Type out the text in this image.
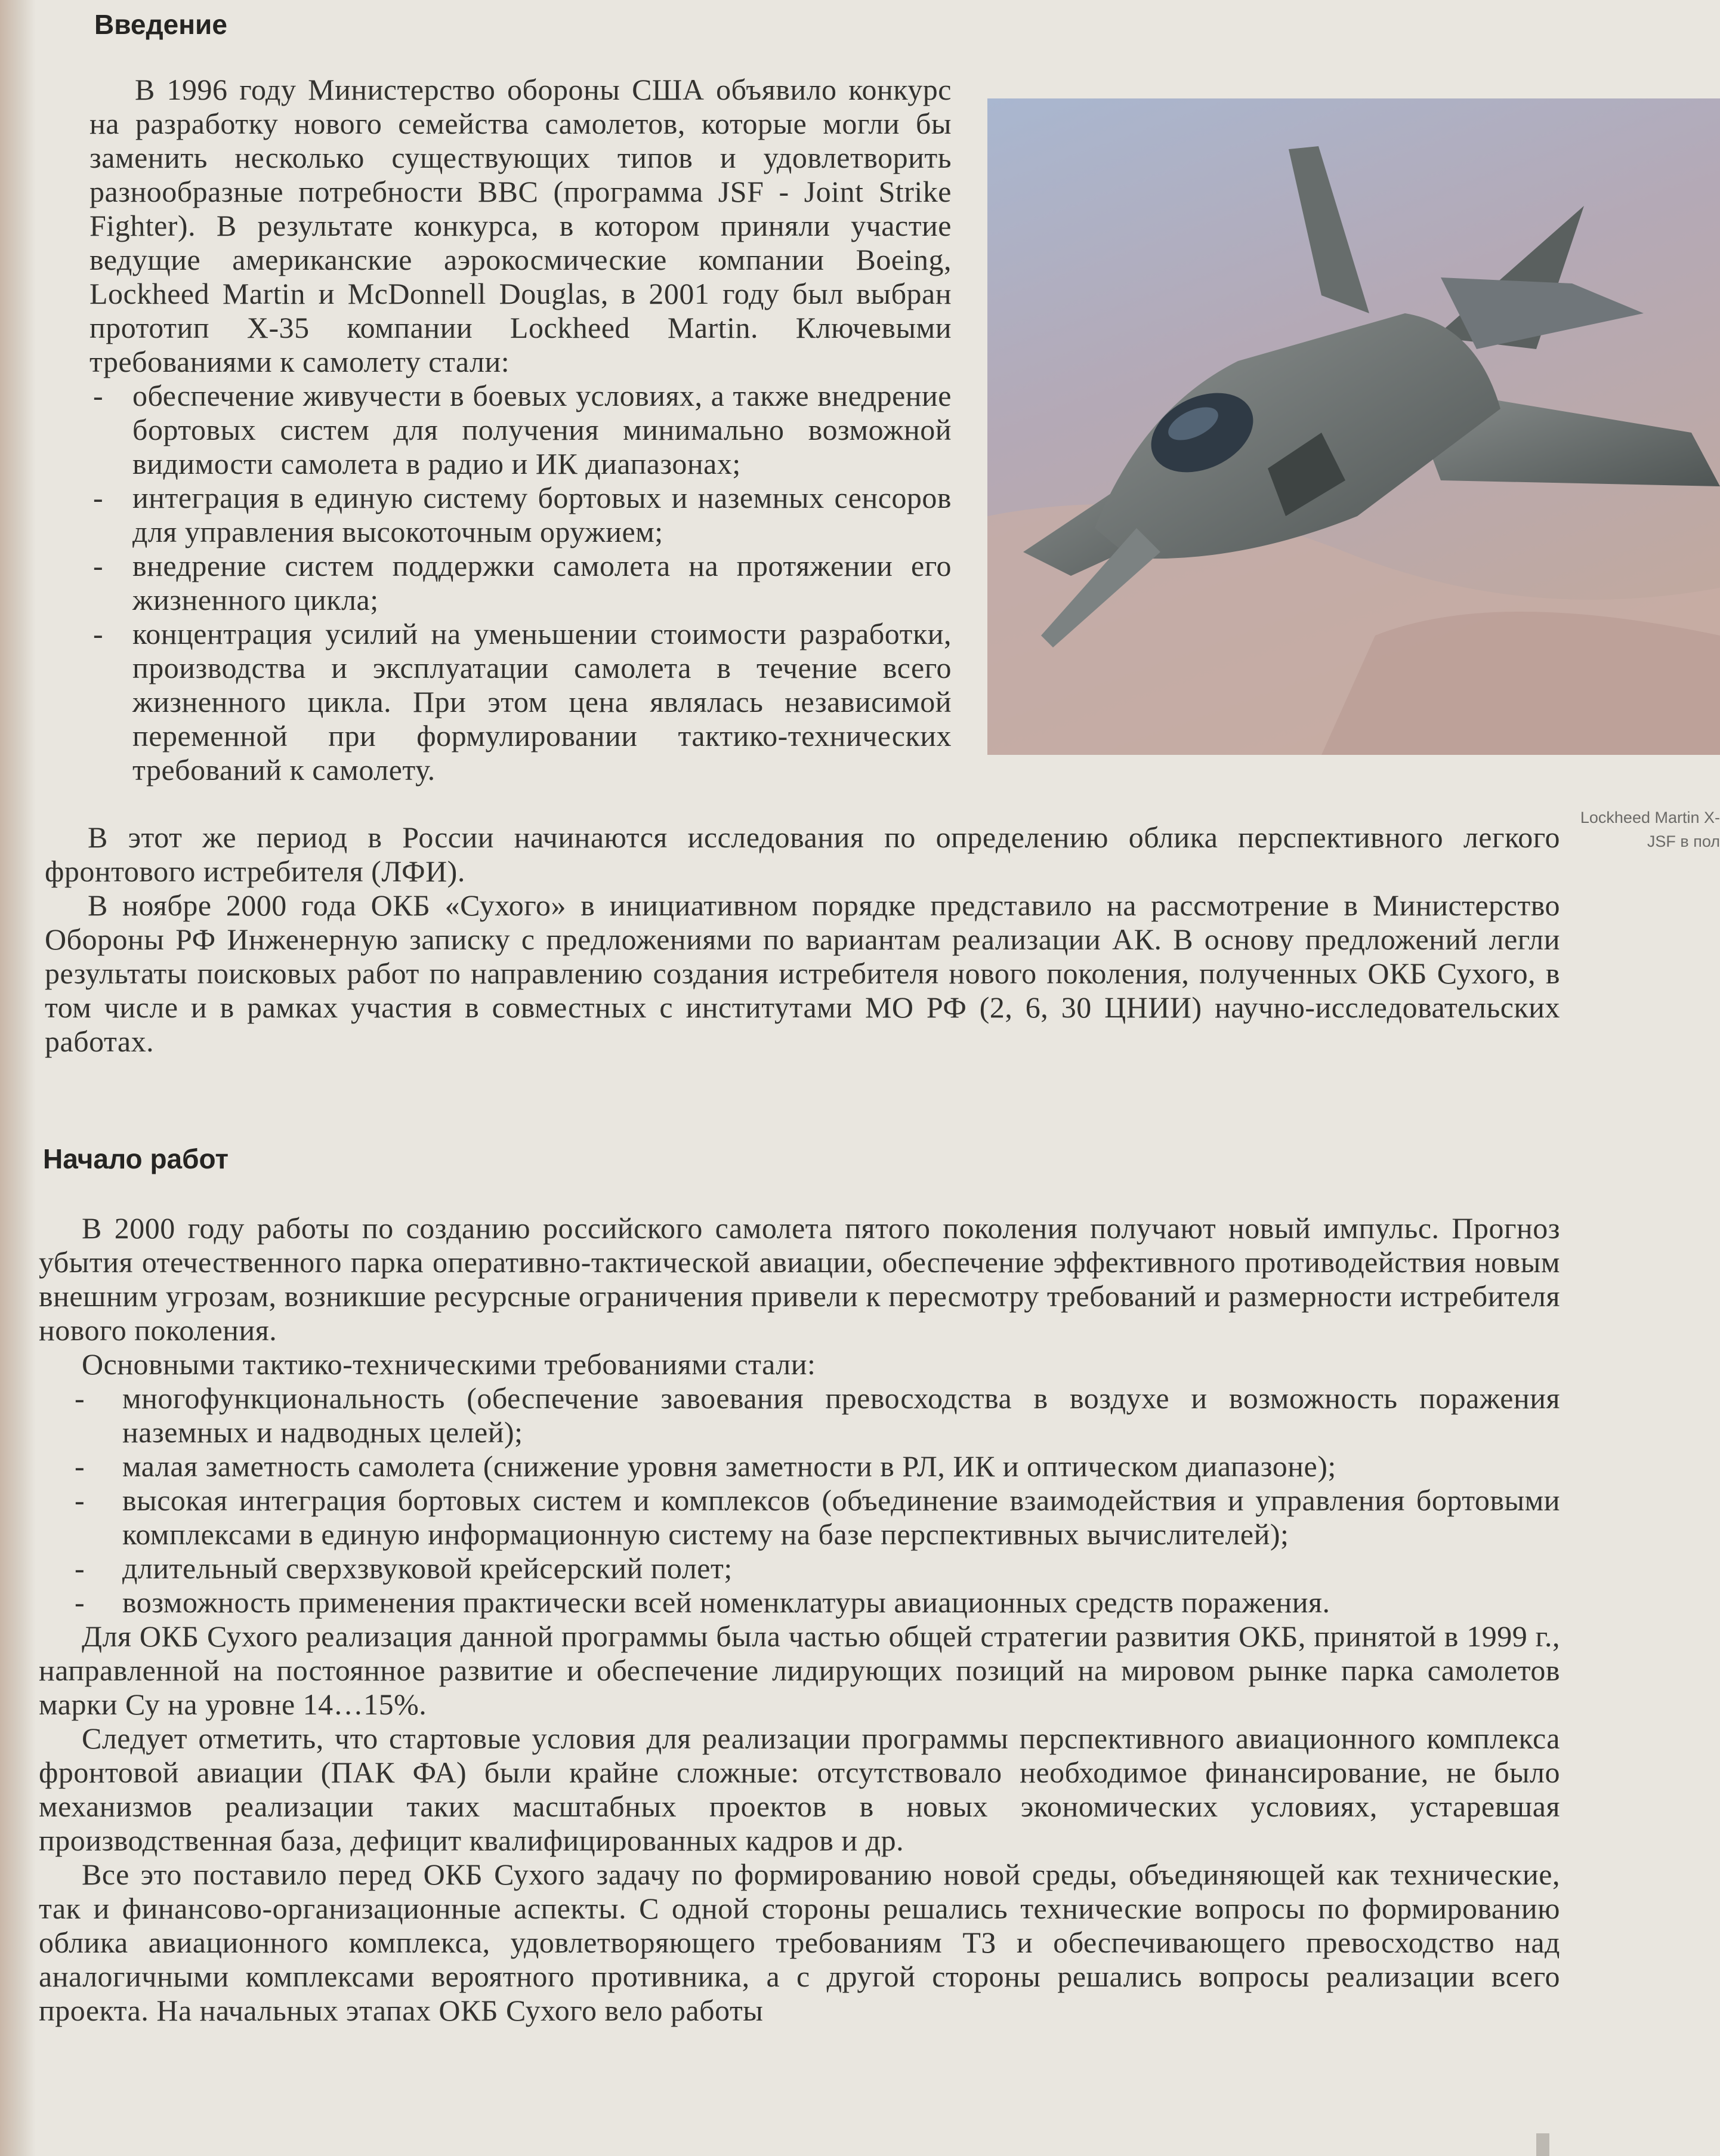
Введение

В 1996 году Министерство обороны США объявило конкурс на разработку нового семейства самолетов, которые могли бы заменить несколько существующих типов и удовлетворить разнообразные потребности ВВС (программа JSF - Joint Strike Fighter). В результате конкурса, в котором приняли участие ведущие американские аэрокосмические компании Boeing, Lockheed Martin и McDonnell Douglas, в 2001 году был выбран прототип Х-35 компании Lockheed Martin. Ключевыми требованиями к самолету стали:

- обеспечение живучести в боевых условиях, а также внедрение бортовых систем для получения минимально возможной видимости самолета в радио и ИК диапазонах;
- интеграция в единую систему бортовых и наземных сенсоров для управления высокоточным оружием;
- внедрение систем поддержки самолета на протяжении его жизненного цикла;
- концентрация усилий на уменьшении стоимости разработки, производства и эксплуатации самолета в течение всего жизненного цикла. При этом цена являлась независимой переменной при формулировании тактико-технических требований к самолету.

В этот же период в России начинаются исследования по определению облика перспективного легкого фронтового истребителя (ЛФИ).

В ноябре 2000 года ОКБ «Сухого» в инициативном порядке представило на рассмотрение в Министерство Обороны РФ Инженерную записку с предложениями по вариантам реализации АК. В основу предложений легли результаты поисковых работ по направлению создания истребителя нового поколения, полученных ОКБ Сухого, в том числе и в рамках участия в совместных с институтами МО РФ (2, 6, 30 ЦНИИ) научно-исследовательских работах.

Lockheed Martin X-
JSF в пол
Начало работ

В 2000 году работы по созданию российского самолета пятого поколения получают новый импульс. Прогноз убытия отечественного парка оперативно-тактической авиации, обеспечение эффективного противодействия новым внешним угрозам, возникшие ресурсные ограничения привели к пересмотру требований и размерности истребителя нового поколения.

Основными тактико-техническими требованиями стали:

- многофункциональность (обеспечение завоевания превосходства в воздухе и возможность поражения наземных и надводных целей);
- малая заметность самолета (снижение уровня заметности в РЛ, ИК и оптическом диапазоне);
- высокая интеграция бортовых систем и комплексов (объединение взаимодействия и управления бортовыми комплексами в единую информационную систему на базе перспективных вычислителей);
- длительный сверхзвуковой крейсерский полет;
- возможность применения практически всей номенклатуры авиационных средств поражения.

Для ОКБ Сухого реализация данной программы была частью общей стратегии развития ОКБ, принятой в 1999 г., направленной на постоянное развитие и обеспечение лидирующих позиций на мировом рынке парка самолетов марки Су на уровне 14…15%.

Следует отметить, что стартовые условия для реализации программы перспективного авиационного комплекса фронтовой авиации (ПАК ФА) были крайне сложные: отсутствовало необходимое финансирование, не было механизмов реализации таких масштабных проектов в новых экономических условиях, устаревшая производственная база, дефицит квалифицированных кадров и др.

Все это поставило перед ОКБ Сухого задачу по формированию новой среды, объединяющей как технические, так и финансово-организационные аспекты. С одной стороны решались технические вопросы по формированию облика авиационного комплекса, удовлетворяющего требованиям ТЗ и обеспечивающего превосходство над аналогичными комплексами вероятного противника, а с другой стороны решались вопросы реализации всего проекта. На начальных этапах ОКБ Сухого вело работы
